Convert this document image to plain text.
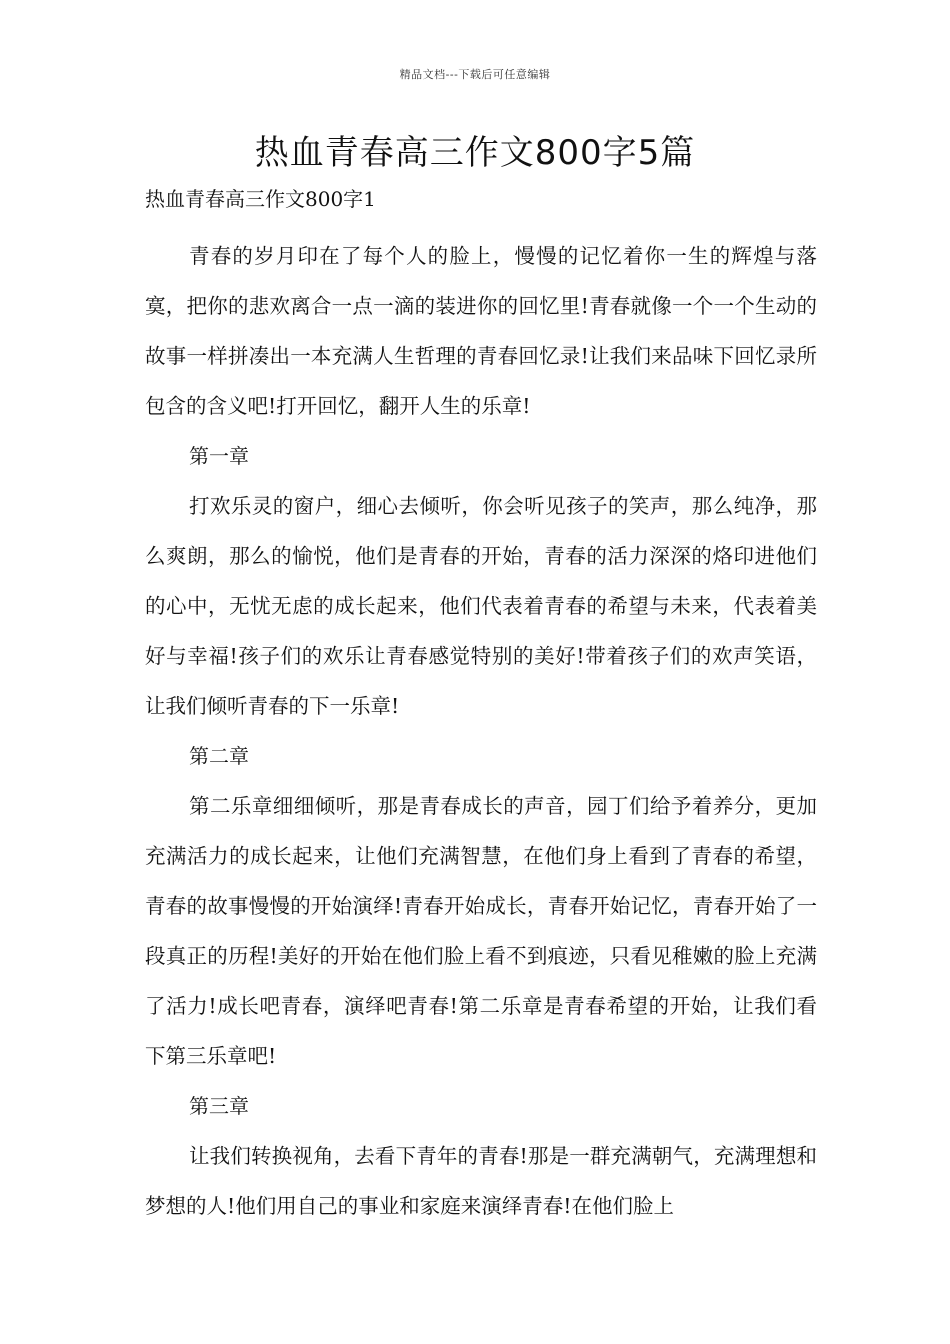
精品文档---下载后可任意编辑
热血青春高三作文800字5篇

热血青春高三作文800字1

青春的岁月印在了每个人的脸上，慢慢的记忆着你一生的辉煌与落寞，把你的悲欢离合一点一滴的装进你的回忆里!青春就像一个一个生动的故事一样拼凑出一本充满人生哲理的青春回忆录!让我们来品味下回忆录所包含的含义吧!打开回忆，翻开人生的乐章!

第一章

打欢乐灵的窗户，细心去倾听，你会听见孩子的笑声，那么纯净，那么爽朗，那么的愉悦，他们是青春的开始，青春的活力深深的烙印进他们的心中，无忧无虑的成长起来，他们代表着青春的希望与未来，代表着美好与幸福!孩子们的欢乐让青春感觉特别的美好!带着孩子们的欢声笑语，让我们倾听青春的下一乐章!

第二章

第二乐章细细倾听，那是青春成长的声音，园丁们给予着养分，更加充满活力的成长起来，让他们充满智慧，在他们身上看到了青春的希望，青春的故事慢慢的开始演绎!青春开始成长，青春开始记忆，青春开始了一段真正的历程!美好的开始在他们脸上看不到痕迹，只看见稚嫩的脸上充满了活力!成长吧青春，演绎吧青春!第二乐章是青春希望的开始，让我们看下第三乐章吧!

第三章

让我们转换视角，去看下青年的青春!那是一群充满朝气，充满理想和梦想的人!他们用自己的事业和家庭来演绎青春!在他们脸上
